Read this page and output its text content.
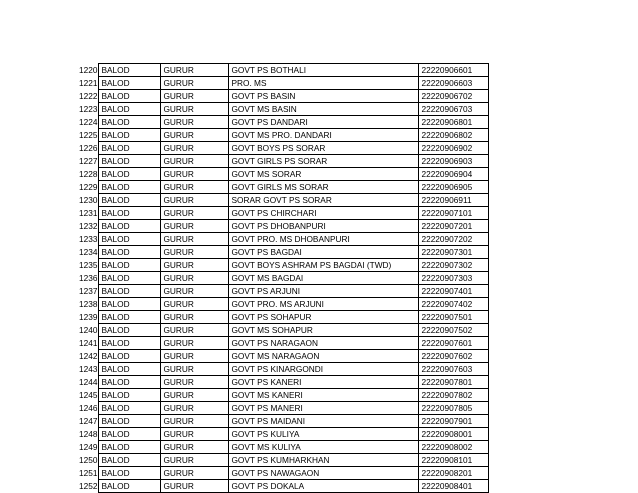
1220	BALOD	GURUR	GOVT PS BOTHALI	22220906601
1221	BALOD	GURUR	PRO. MS	22220906603
1222	BALOD	GURUR	GOVT PS BASIN	22220906702
1223	BALOD	GURUR	GOVT MS BASIN	22220906703
1224	BALOD	GURUR	GOVT PS DANDARI	22220906801
1225	BALOD	GURUR	GOVT MS PRO. DANDARI	22220906802
1226	BALOD	GURUR	GOVT BOYS PS SORAR	22220906902
1227	BALOD	GURUR	GOVT GIRLS PS SORAR	22220906903
1228	BALOD	GURUR	GOVT MS SORAR	22220906904
1229	BALOD	GURUR	GOVT GIRLS MS SORAR	22220906905
1230	BALOD	GURUR	SORAR GOVT PS SORAR	22220906911
1231	BALOD	GURUR	GOVT PS CHIRCHARI	22220907101
1232	BALOD	GURUR	GOVT PS DHOBANPURI	22220907201
1233	BALOD	GURUR	GOVT PRO. MS DHOBANPURI	22220907202
1234	BALOD	GURUR	GOVT PS BAGDAI	22220907301
1235	BALOD	GURUR	GOVT BOYS ASHRAM PS BAGDAI (TWD)	22220907302
1236	BALOD	GURUR	GOVT MS BAGDAI	22220907303
1237	BALOD	GURUR	GOVT PS ARJUNI	22220907401
1238	BALOD	GURUR	GOVT PRO. MS ARJUNI	22220907402
1239	BALOD	GURUR	GOVT PS SOHAPUR	22220907501
1240	BALOD	GURUR	GOVT MS SOHAPUR	22220907502
1241	BALOD	GURUR	GOVT PS NARAGAON	22220907601
1242	BALOD	GURUR	GOVT MS NARAGAON	22220907602
1243	BALOD	GURUR	GOVT PS KINARGONDI	22220907603
1244	BALOD	GURUR	GOVT PS KANERI	22220907801
1245	BALOD	GURUR	GOVT MS KANERI	22220907802
1246	BALOD	GURUR	GOVT PS MANERI	22220907805
1247	BALOD	GURUR	GOVT PS MAIDANI	22220907901
1248	BALOD	GURUR	GOVT PS KULIYA	22220908001
1249	BALOD	GURUR	GOVT MS KULIYA	22220908002
1250	BALOD	GURUR	GOVT PS KUMHARKHAN	22220908101
1251	BALOD	GURUR	GOVT PS NAWAGAON	22220908201
1252	BALOD	GURUR	GOVT PS DOKALA	22220908401
